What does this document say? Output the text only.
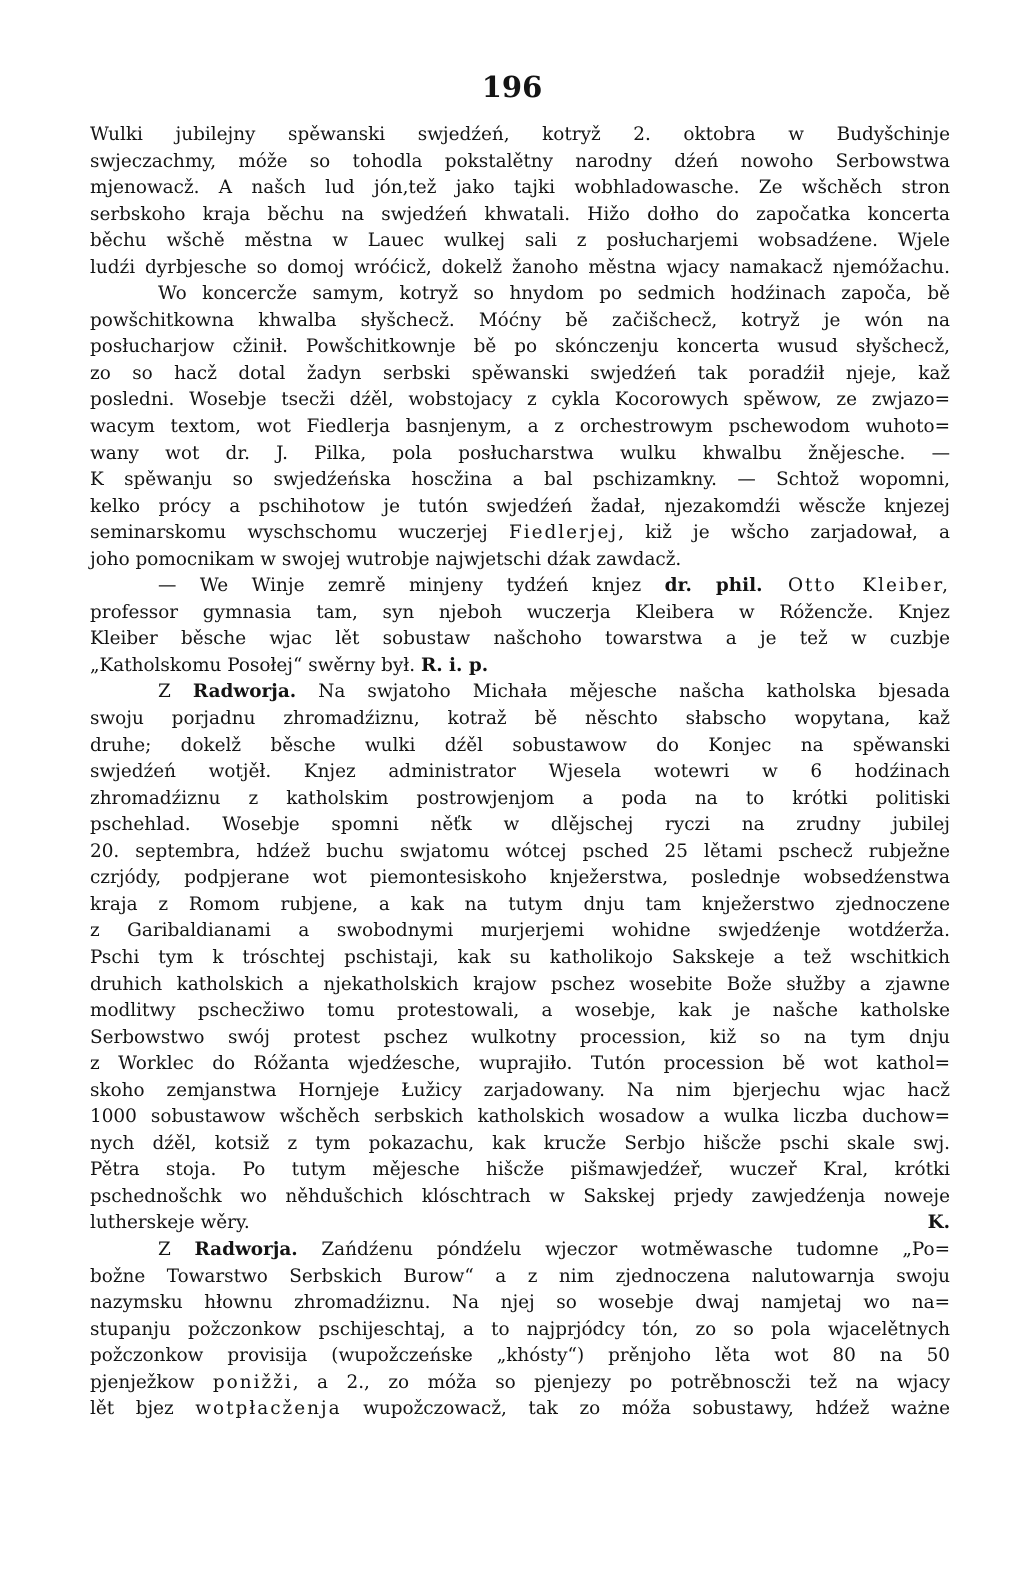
196
Wulki jubilejny spěwanski swjedźeń, kotryž 2. oktobra w Budyšchinje
swjeczachmy, móže so tohodla pokstalětny narodny dźeń nowoho Serbowstwa
mjenowacž. A našch lud jón,tež jako tajki wobhladowasche. Ze wšchěch stron
serbskoho kraja běchu na swjedźeń khwatali. Hižo dołho do započatka koncerta
běchu wšchě městna w Lauec wulkej sali z posłucharjemi wobsadźene. Wjele
ludźi dyrbjesche so domoj wróćicž, dokelž žanoho městna wjacy namakacž njemóžachu.
Wo koncercže samym, kotryž so hnydom po sedmich hodźinach započa, bě
powšchitkowna khwalba słyšchecž. Móćny bě začišchecž, kotryž je wón na
posłucharjow cžinił. Powšchitkownje bě po skónczenju koncerta wusud słyšchecž,
zo so hacž dotal žadyn serbski spěwanski swjedźeń tak poradźił njeje, kaž
posledni. Wosebje tsecži dźěl, wobstojacy z cykla Kocorowych spěwow, ze zwjazo=
wacym textom, wot Fiedlerja basnjenym, a z orchestrowym pschewodom wuhoto=
wany wot dr. J. Pilka, pola posłucharstwa wulku khwalbu žnějesche. —
K spěwanju so swjedźeńska hoscžina a bal pschizamkny. — Schtož wopomni,
kelko prócy a pschihotow je tutón swjedźeń žadał, njezakomdźi wěscže knjezej
seminarskomu wyschschomu wuczerjej Fiedlerjej, kiž je wšcho zarjadował, a
joho pomocnikam w swojej wutrobje najwjetschi dźak zawdacž.
— We Winje zemrě minjeny tydźeń knjez dr. phil. Otto Kleiber,
professor gymnasia tam, syn njeboh wuczerja Kleibera w Róžencže. Knjez
Kleiber běsche wjac lět sobustaw našchoho towarstwa a je tež w cuzbje
„Katholskomu Posołej“ swěrny był. R. i. p.
Z Radworja. Na swjatoho Michała mějesche našcha katholska bjesada
swoju porjadnu zhromadźiznu, kotraž bě něschto słabscho wopytana, kaž
druhe; dokelž běsche wulki dźěl sobustawow do Konjec na spěwanski
swjedźeń wotjěł. Knjez administrator Wjesela wotewri w 6 hodźinach
zhromadźiznu z katholskim postrowjenjom a poda na to krótki politiski
pschehlad. Wosebje spomni něťk w dlějschej ryczi na zrudny jubilej
20. septembra, hdźež buchu swjatomu wótcej psched 25 lětami pschecž rubježne
czrjódy, podpjerane wot piemontesiskoho knježerstwa, poslednje wobsedźenstwa
kraja z Romom rubjene, a kak na tutym dnju tam knježerstwo zjednoczene
z Garibaldianami a swobodnymi murjerjemi wohidne swjedźenje wotdźerža.
Pschi tym k tróschtej pschistaji, kak su katholikojo Sakskeje a tež wschitkich
druhich katholskich a njekatholskich krajow pschez wosebite Bože słužby a zjawne
modlitwy pschecžiwo tomu protestowali, a wosebje, kak je našche katholske
Serbowstwo swój protest pschez wulkotny procession, kiž so na tym dnju
z Worklec do Róžanta wjedźesche, wuprajiło. Tutón procession bě wot kathol=
skoho zemjanstwa Hornjeje Łužicy zarjadowany. Na nim bjerjechu wjac hacž
1000 sobustawow wšchěch serbskich katholskich wosadow a wulka liczba duchow=
nych dźěl, kotsiž z tym pokazachu, kak krucže Serbjo hišcže pschi skale swj.
Pětra stoja. Po tutym mějesche hišcže pišmawjedźeř, wuczeř Kral, krótki
pschednošchk wo něhdušchich klóschtrach w Sakskej prjedy zawjedźenja noweje
lutherskeje wěry.	K.
Z Radworja. Zańdźenu póndźelu wjeczor wotměwasche tudomne „Po=
božne Towarstwo Serbskich Burow“ a z nim zjednoczena nalutowarnja swoju
nazymsku hłownu zhromadźiznu. Na njej so wosebje dwaj namjetaj wo na=
stupanju požczonkow pschijeschtaj, a to najprjódcy tón, zo so pola wjacelětnych
požczonkow provisija (wupožczeńske „khósty“) prěnjoho lěta wot 80 na 50
pjenježkow ponižži, a 2., zo móža so pjenjezy po potrěbnoscži tež na wjacy
lět bjez wotpłacženja wupožczowacž, tak zo móža sobustawy, hdźež ważne
